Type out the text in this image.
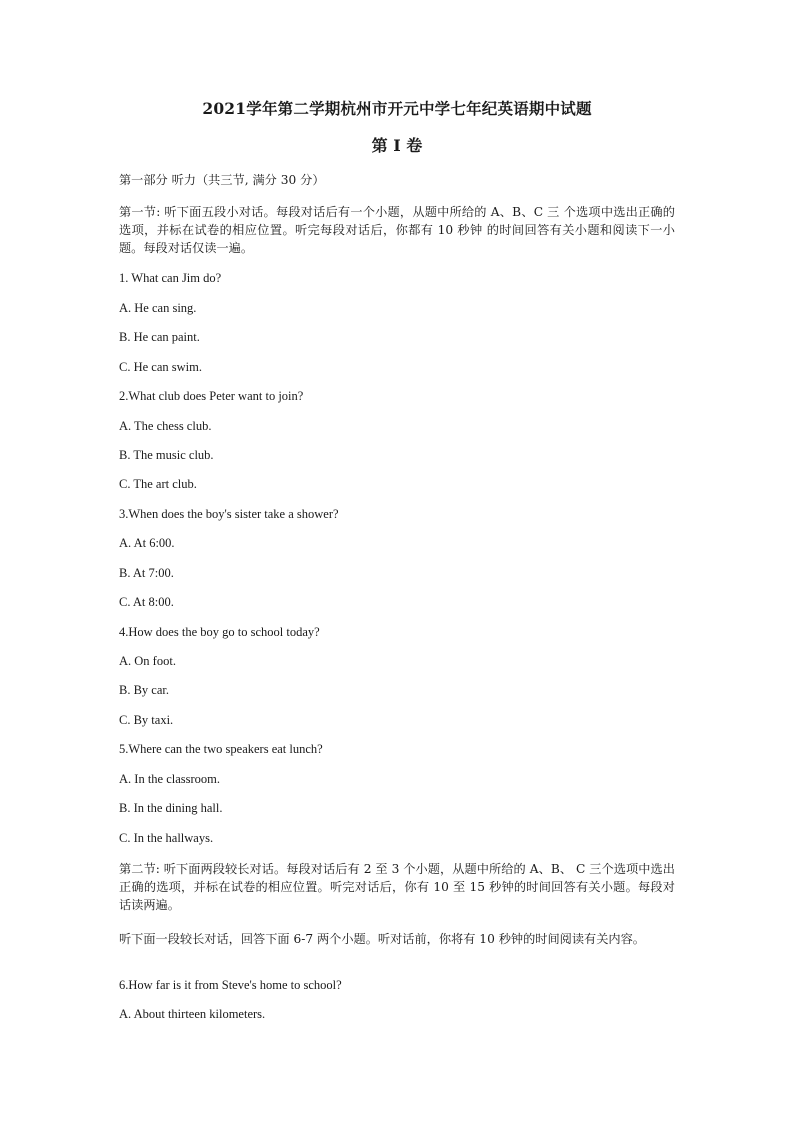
2021学年第二学期杭州市开元中学七年纪英语期中试题
第 I 卷
第一部分 听力（共三节, 满分 30 分）
第一节: 听下面五段小对话。每段对话后有一个小题，从题中所给的 A、B、C 三 个选项中选出正确的选项，并标在试卷的相应位置。听完每段对话后，你都有 10 秒钟 的时间回答有关小题和阅读下一小题。每段对话仅读一遍。
1. What can Jim do?
A. He can sing.
B. He can paint.
C. He can swim.
2.What club does Peter want to join?
A. The chess club.
B. The music club.
C. The art club.
3.When does the boy's sister take a shower?
A. At 6:00.
B. At 7:00.
C. At 8:00.
4.How does the boy go to school today?
A. On foot.
B. By car.
C. By taxi.
5.Where can the two speakers eat lunch?
A. In the classroom.
B. In the dining hall.
C. In the hallways.
第二节: 听下面两段较长对话。每段对话后有 2 至 3 个小题，从题中所给的 A、B、 C 三个选项中选出正确的选项，并标在试卷的相应位置。听完对话后，你有 10 至 15 秒钟的时间回答有关小题。每段对话读两遍。
听下面一段较长对话，回答下面 6-7 两个小题。听对话前，你将有 10 秒钟的时间阅读有关内容。
6.How far is it from Steve's home to school?
A. About thirteen kilometers.
